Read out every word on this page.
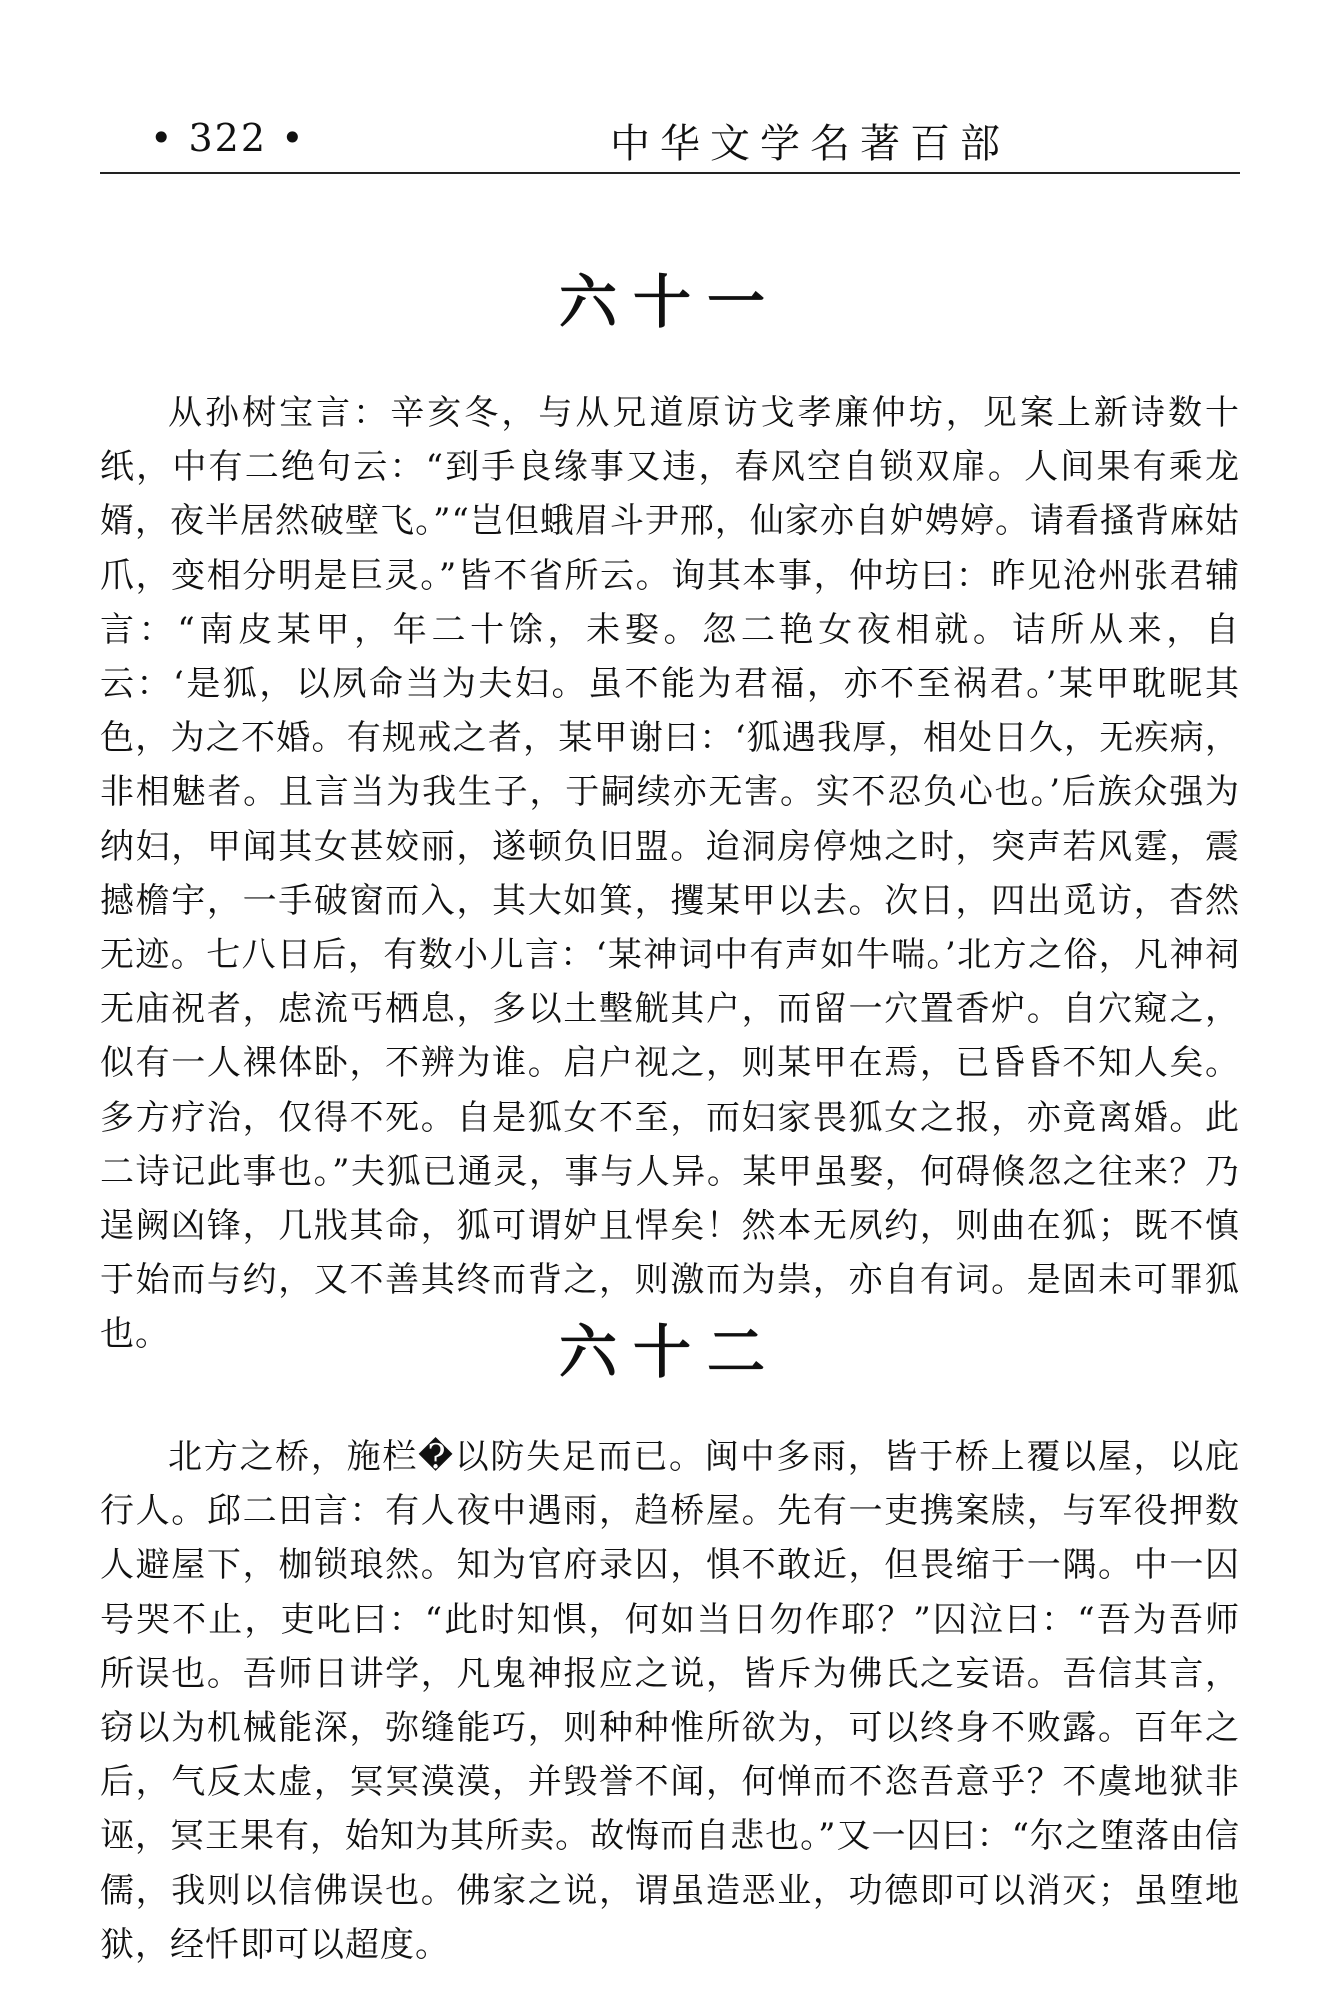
• 322 •	中华文学名著百部
六十一

从孙树宝言：辛亥冬，与从兄道原访戈孝廉仲坊，见案上新诗数十纸，中有二绝句云：“到手良缘事又违，春风空自锁双扉。人间果有乘龙婿，夜半居然破壁飞。”“岂但蛾眉斗尹邢，仙家亦自妒娉婷。请看搔背麻姑爪，变相分明是巨灵。”皆不省所云。询其本事，仲坊曰：昨见沧州张君辅言：“南皮某甲，年二十馀，未娶。忽二艳女夜相就。诘所从来，自云：‘是狐，以夙命当为夫妇。虽不能为君福，亦不至祸君。’某甲耽昵其色，为之不婚。有规戒之者，某甲谢曰：‘狐遇我厚，相处日久，无疾病，非相魅者。且言当为我生子，于嗣续亦无害。实不忍负心也。’后族众强为纳妇，甲闻其女甚姣丽，遂顿负旧盟。迨洞房停烛之时，突声若风霆，震撼檐宇，一手破窗而入，其大如箕，攫某甲以去。次日，四出觅访，杳然无迹。七八日后，有数小儿言：‘某神词中有声如牛喘。’北方之俗，凡神祠无庙祝者，虑流丐栖息，多以土墼觥其户，而留一穴置香炉。自穴窥之，似有一人裸体卧，不辨为谁。启户视之，则某甲在焉，已昏昏不知人矣。多方疗治，仅得不死。自是狐女不至，而妇家畏狐女之报，亦竟离婚。此二诗记此事也。”夫狐已通灵，事与人异。某甲虽娶，何碍倏忽之往来？乃逞阙凶锋，几戕其命，狐可谓妒且悍矣！然本无夙约，则曲在狐；既不慎于始而与约，又不善其终而背之，则激而为祟，亦自有词。是固未可罪狐也。	六十二

北方之桥，施栏�以防失足而已。闽中多雨，皆于桥上覆以屋，以庇行人。邱二田言：有人夜中遇雨，趋桥屋。先有一吏携案牍，与军役押数人避屋下，枷锁琅然。知为官府录囚，惧不敢近，但畏缩于一隅。中一囚号哭不止，吏叱曰：“此时知惧，何如当日勿作耶？”囚泣曰：“吾为吾师所误也。吾师日讲学，凡鬼神报应之说，皆斥为佛氏之妄语。吾信其言，窃以为机械能深，弥缝能巧，则种种惟所欲为，可以终身不败露。百年之后，气反太虚，冥冥漠漠，并毁誉不闻，何惮而不恣吾意乎？不虞地狱非诬，冥王果有，始知为其所卖。故悔而自悲也。”又一囚曰：“尔之堕落由信儒，我则以信佛误也。佛家之说，谓虽造恶业，功德即可以消灭；虽堕地狱，经忏即可以超度。
